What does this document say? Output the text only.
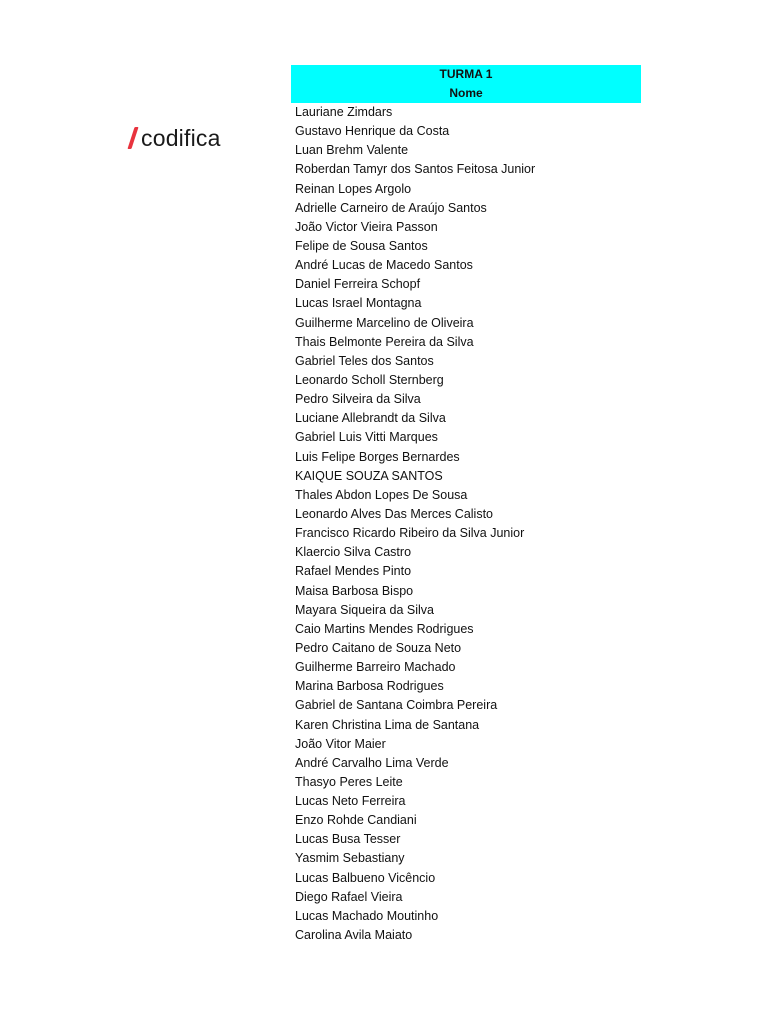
codifica
TURMA 1
Nome
Lauriane Zimdars
Gustavo Henrique da Costa
Luan Brehm Valente
Roberdan Tamyr dos Santos Feitosa Junior
Reinan Lopes Argolo
Adrielle Carneiro de Araújo Santos
João Victor Vieira Passon
Felipe de Sousa Santos
André Lucas de Macedo Santos
Daniel Ferreira Schopf
Lucas Israel Montagna
Guilherme Marcelino de Oliveira
Thais Belmonte Pereira da Silva
Gabriel Teles dos Santos
Leonardo Scholl Sternberg
Pedro Silveira da Silva
Luciane Allebrandt da Silva
Gabriel Luis Vitti Marques
Luis Felipe Borges Bernardes
KAIQUE SOUZA SANTOS
Thales Abdon Lopes De Sousa
Leonardo Alves Das Merces Calisto
Francisco Ricardo Ribeiro da Silva Junior
Klaercio Silva Castro
Rafael Mendes Pinto
Maisa Barbosa Bispo
Mayara Siqueira da Silva
Caio Martins Mendes Rodrigues
Pedro Caitano de Souza Neto
Guilherme Barreiro Machado
Marina Barbosa Rodrigues
Gabriel de Santana Coimbra Pereira
Karen Christina Lima de Santana
João Vitor Maier
André Carvalho Lima Verde
Thasyo Peres Leite
Lucas Neto Ferreira
Enzo Rohde Candiani
Lucas Busa Tesser
Yasmim Sebastiany
Lucas Balbueno Vicêncio
Diego Rafael Vieira
Lucas Machado Moutinho
Carolina Avila Maiato
